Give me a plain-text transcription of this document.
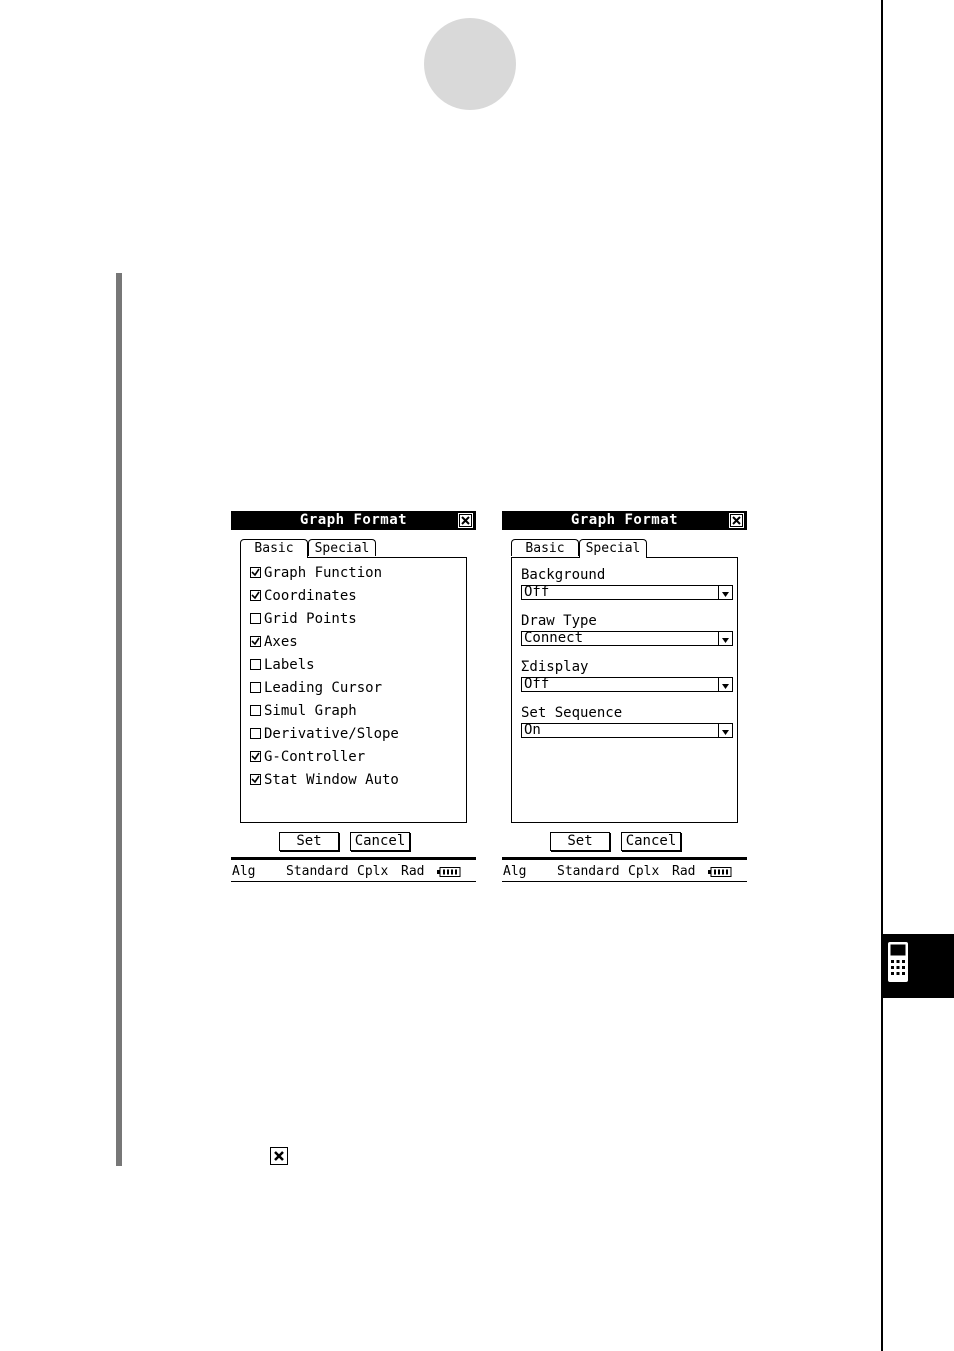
Graph Format
Basic	Special
Graph Function
Coordinates
Grid Points
Axes
Labels
Leading Cursor
Simul Graph
Derivative/Slope
G-Controller
Stat Window Auto
Set	Cancel
Alg Standard Cplx Rad
Graph Format
Basic	Special
Background
Off
Draw Type
Connect
Σdisplay
Off
Set Sequence
On
Set	Cancel
Alg Standard Cplx Rad
